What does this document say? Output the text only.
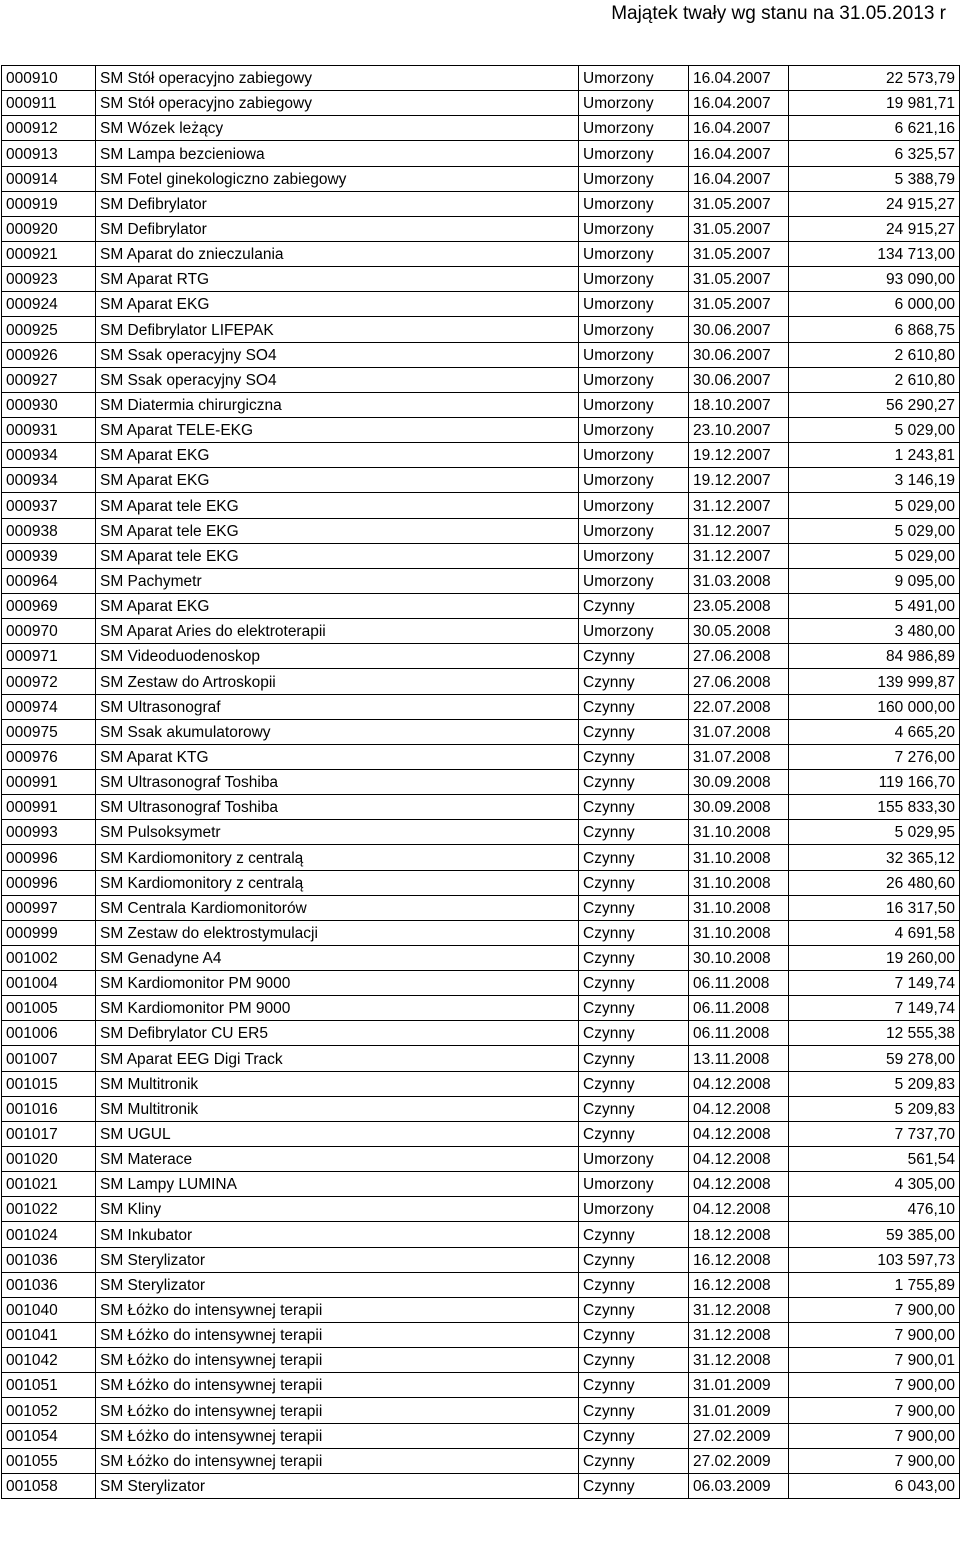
Majątek twały wg stanu na 31.05.2013 r
000910	SM Stół operacyjno zabiegowy	Umorzony	16.04.2007	22 573,79
000911	SM Stół operacyjno zabiegowy	Umorzony	16.04.2007	19 981,71
000912	SM Wózek leżący	Umorzony	16.04.2007	6 621,16
000913	SM Lampa bezcieniowa	Umorzony	16.04.2007	6 325,57
000914	SM Fotel ginekologiczno zabiegowy	Umorzony	16.04.2007	5 388,79
000919	SM Defibrylator	Umorzony	31.05.2007	24 915,27
000920	SM Defibrylator	Umorzony	31.05.2007	24 915,27
000921	SM Aparat do znieczulania	Umorzony	31.05.2007	134 713,00
000923	SM Aparat RTG	Umorzony	31.05.2007	93 090,00
000924	SM Aparat EKG	Umorzony	31.05.2007	6 000,00
000925	SM Defibrylator LIFEPAK	Umorzony	30.06.2007	6 868,75
000926	SM Ssak operacyjny SO4	Umorzony	30.06.2007	2 610,80
000927	SM Ssak operacyjny SO4	Umorzony	30.06.2007	2 610,80
000930	SM Diatermia chirurgiczna	Umorzony	18.10.2007	56 290,27
000931	SM Aparat TELE-EKG	Umorzony	23.10.2007	5 029,00
000934	SM Aparat EKG	Umorzony	19.12.2007	1 243,81
000934	SM Aparat EKG	Umorzony	19.12.2007	3 146,19
000937	SM Aparat tele EKG	Umorzony	31.12.2007	5 029,00
000938	SM Aparat tele EKG	Umorzony	31.12.2007	5 029,00
000939	SM Aparat tele EKG	Umorzony	31.12.2007	5 029,00
000964	SM Pachymetr	Umorzony	31.03.2008	9 095,00
000969	SM Aparat EKG	Czynny	23.05.2008	5 491,00
000970	SM Aparat Aries do elektroterapii	Umorzony	30.05.2008	3 480,00
000971	SM Videoduodenoskop	Czynny	27.06.2008	84 986,89
000972	SM Zestaw do Artroskopii	Czynny	27.06.2008	139 999,87
000974	SM Ultrasonograf	Czynny	22.07.2008	160 000,00
000975	SM Ssak akumulatorowy	Czynny	31.07.2008	4 665,20
000976	SM Aparat KTG	Czynny	31.07.2008	7 276,00
000991	SM Ultrasonograf Toshiba	Czynny	30.09.2008	119 166,70
000991	SM Ultrasonograf Toshiba	Czynny	30.09.2008	155 833,30
000993	SM Pulsoksymetr	Czynny	31.10.2008	5 029,95
000996	SM Kardiomonitory z centralą	Czynny	31.10.2008	32 365,12
000996	SM Kardiomonitory z centralą	Czynny	31.10.2008	26 480,60
000997	SM Centrala Kardiomonitorów	Czynny	31.10.2008	16 317,50
000999	SM Zestaw do elektrostymulacji	Czynny	31.10.2008	4 691,58
001002	SM Genadyne A4	Czynny	30.10.2008	19 260,00
001004	SM Kardiomonitor PM 9000	Czynny	06.11.2008	7 149,74
001005	SM Kardiomonitor PM 9000	Czynny	06.11.2008	7 149,74
001006	SM Defibrylator CU ER5	Czynny	06.11.2008	12 555,38
001007	SM Aparat EEG Digi Track	Czynny	13.11.2008	59 278,00
001015	SM Multitronik	Czynny	04.12.2008	5 209,83
001016	SM Multitronik	Czynny	04.12.2008	5 209,83
001017	SM UGUL	Czynny	04.12.2008	7 737,70
001020	SM Materace	Umorzony	04.12.2008	561,54
001021	SM Lampy LUMINA	Umorzony	04.12.2008	4 305,00
001022	SM Kliny	Umorzony	04.12.2008	476,10
001024	SM Inkubator	Czynny	18.12.2008	59 385,00
001036	SM Sterylizator	Czynny	16.12.2008	103 597,73
001036	SM Sterylizator	Czynny	16.12.2008	1 755,89
001040	SM Łóżko do intensywnej terapii	Czynny	31.12.2008	7 900,00
001041	SM Łóżko do intensywnej terapii	Czynny	31.12.2008	7 900,00
001042	SM Łóżko do intensywnej terapii	Czynny	31.12.2008	7 900,01
001051	SM Łóżko do intensywnej terapii	Czynny	31.01.2009	7 900,00
001052	SM Łóżko do intensywnej terapii	Czynny	31.01.2009	7 900,00
001054	SM Łóżko do intensywnej terapii	Czynny	27.02.2009	7 900,00
001055	SM Łóżko do intensywnej terapii	Czynny	27.02.2009	7 900,00
001058	SM Sterylizator	Czynny	06.03.2009	6 043,00
